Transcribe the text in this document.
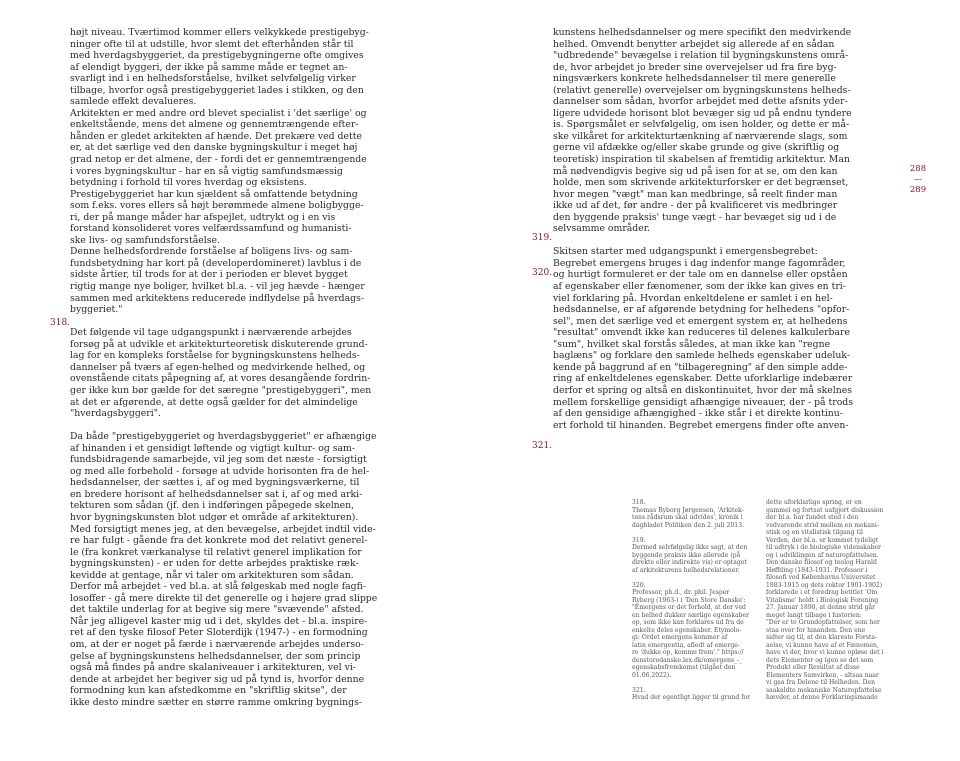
højt niveau. Tværtimod kommer ellers velkykkede prestigebyg-

ninger ofte til at udstille, hvor slemt det efterhånden står til

med hverdagsbyggeriet, da prestigebygningerne ofte omgives

af elendigt byggeri, der ikke på samme måde er tegnet an-

svarligt ind i en helhedsforståelse, hvilket selvfølgelig virker

tilbage, hvorfor også prestigebyggeriet lades i stikken, og den

samlede effekt devalueres.

Arkitekten er med andre ord blevet specialist i 'det særlige' og

enkeltstående, mens det almene og gennemtrængende efter-

hånden er gledet arkitekten af hænde. Det prekære ved dette

er, at det særlige ved den danske bygningskultur i meget høj

grad netop er det almene, der - fordi det er gennemtrængende

i vores bygningskultur - har en så vigtig samfundsmæssig

betydning i forhold til vores hverdag og eksistens.

Prestigebyggeriet har kun sjældent så omfattende betydning

som f.eks. vores ellers så højt berømmede almene boligbygge-

ri, der på mange måder har afspejlet, udtrykt og i en vis

forstand konsolideret vores velfærdssamfund og humanisti-

ske livs- og samfundsforståelse.

Denne helhedsfordrende forståelse af boligens livs- og sam-

fundsbetydning har kort på (developerdomineret) lavblus i de

sidste årtier, til trods for at der i perioden er blevet bygget

rigtig mange nye boliger, hvilket bl.a. - vil jeg hævde - hænger

sammen med arkitektens reducerede indflydelse på hverdags-

byggeriet."

Det følgende vil tage udgangspunkt i nærværende arbejdes

forsøg på at udvikle et arkitekturteoretisk diskuterende grund-

lag for en kompleks forståelse for bygningskunstens helheds-

dannelser på tværs af egen-helhed og medvirkende helhed, og

ovenstående citats påpegning af, at vores desangående fordrin-

ger ikke kun bør gælde for det særegne "prestigebyggeri", men

at det er afgørende, at dette også gælder for det almindelige

"hverdagsbyggeri".

Da både "prestigebyggeriet og hverdagsbyggeriet" er afhængige

af hinanden i et gensidigt løftende og vigtigt kultur- og sam-

fundsbidragende samarbejde, vil jeg som det næste - forsigtigt

og med alle forbehold - forsøge at udvide horisonten fra de hel-

hedsdannelser, der sættes i, af og med bygningsværkerne, til

en bredere horisont af helhedsdannelser sat i, af og med arki-

tekturen som sådan (jf. den i indføringen påpegede skelnen,

hvor bygningskunsten blot udgør et område af arkitekturen).

Med forsigtigt menes jeg, at den bevægelse, arbejdet indtil vide-

re har fulgt - gående fra det konkrete mod det relativt generel-

le (fra konkret værkanalyse til relativt generel implikation for

bygningskunsten) - er uden for dette arbejdes praktiske ræk-

kevidde at gentage, når vi taler om arkitekturen som sådan.

Derfor må arbejdet - ved bl.a. at slå følgeskab med nogle fagfi-

losoffer - gå mere direkte til det generelle og i højere grad slippe

det taktile underlag for at begive sig mere "svævende" afsted.

Når jeg alligevel kaster mig ud i det, skyldes det - bl.a. inspire-

ret af den tyske filosof Peter Sloterdijk (1947-) - en formodning

om, at der er noget på færde i nærværende arbejdes underso-

gelse af bygningskunstens helhedsdannelser, der som princip

også må findes på andre skalaniveauer i arkitekturen, vel vi-

dende at arbejdet her begiver sig ud på tynd is, hvorfor denne

formodning kun kan afstedkomme en "skriftlig skitse", der

ikke desto mindre sætter en større ramme omkring bygnings-

kunstens helhedsdannelser og mere specifikt den medvirkende

helhed. Omvendt benytter arbejdet sig allerede af en sådan

"udbredende" bevægelse i relation til bygningskunstens områ-

de, hvor arbejdet jo breder sine overvejelser ud fra fire byg-

ningsværkers konkrete helhedsdannelser til mere generelle

(relativt generelle) overvejelser om bygningskunstens helheds-

dannelser som sådan, hvorfor arbejdet med dette afsnits yder-

ligere udvidede horisont blot bevæger sig ud på endnu tyndere

is. Spørgsmålet er selvfølgelig, om isen holder, og dette er må-

ske vilkåret for arkitekturtænkning af nærværende slags, som

gerne vil afdække og/eller skabe grunde og give (skriftlig og

teoretisk) inspiration til skabelsen af fremtidig arkitektur. Man

må nødvendigvis begive sig ud på isen for at se, om den kan

holde, men som skrivende arkitekturforsker er det begrænset,

hvor megen "vægt" man kan medbringe, så reelt finder man

ikke ud af det, før andre - der på kvalificeret vis medbringer

den byggende praksis' tunge vægt - har bevæget sig ud i de

selvsamme områder.

Skitsen starter med udgangspunkt i emergensbegrebet:

Begrebet emergens bruges i dag indenfor mange fagområder,

og hurtigt formuleret er der tale om en dannelse eller opståen

af egenskaber eller fænomener, som der ikke kan gives en tri-

viel forklaring på. Hvordan enkeltdelene er samlet i en hel-

hedsdannelse, er af afgørende betydning for helhedens "opfor-

sel", men det særlige ved et emergent system er, at helhedens

"resultat" omvendt ikke kan reduceres til delenes kalkulerbare

"sum", hvilket skal forstås således, at man ikke kan "regne

baglæns" og forklare den samlede helheds egenskaber udeluk-

kende på baggrund af en "tilbageregning" af den simple adde-

ring af enkeltdelenes egenskaber. Dette uforklarlige indebærer

derfor et spring og altså en diskontinuitet, hvor der må skelnes

mellem forskellige gensidigt afhængige niveauer, der - på trods

af den gensidige afhængighed - ikke står i et direkte kontinu-

ert forhold til hinanden. Begrebet emergens finder ofte anven-

318.
319.
320.
321.
288
—
289

318.

Thomas Ryborg Jørgensen, 'Arkitek-

tens rådsrum skal udvides', kronik i

dagbladet Politiken den 2. juli 2013.

319.

Dermed selvfølgelig ikke sagt, at den

byggende praksis ikke allerede (på

direkte eller indirekte vis) er optaget

af arkitekturens helhedsrelationer.

320.

Professor, ph.d., dr. phil. Jesper

Ryberg (1963-) i 'Den Store Danske':

"Emergens er det forhold, at der ved

en helhed dukker særlige egenskaber

op, som ikke kan forklares ud fra de

enkelte deles egenskaber. Etymolo-

gi: Ordet emergens kommer af

latin emergentia, afledt af emerge-

re 'dukke op, komme frem'." https://

denstoredanske.lex.dk/emergens_-_

egenskabsfremkomst (tilgået den

01.06.2022).

321.

Hvad der egentligt ligger til grund for

dette uforklarlige spring, er en

gammel og fortsat uafgjort diskussion

der bl.a. har fundet sted i den

vedvarende strid mellem en mekani-

stisk og en vitalistisk tilgang til

Verden, der bl.a. er kommet tydeligt

til udtryk i de biologiske videnskaber

og i udviklingen af naturopfattelsen.

Den danske filosof og teolog Harald

Høffding (1843-1931. Professor i

filosofi ved Københavns Universitet

1883-1915 og dets rektor 1901-1902)

forklarede i et foredrag betitlet 'Om

Vitalisme' holdt i Biologisk Forening

27. Januar 1898, at denne strid går

meget langt tilbage i historien:

"Der er to Grundopfattelser, som her

staa over for hinanden. Den ene

sidter sig til, at den klareste Forsta-

aelse, vi kunne have af et Fænomen,

have vi der, hvor vi kunne opløse det i

dets Elementer og igen se det som

Produkt eller Resultat af disse

Elementers Samvirken, - altsaa naar

vi gaa fra Delene til Helheden. Den

saakaldte mekaniske Naturopfattelse

hævder, at denne Forklaringsmaade
